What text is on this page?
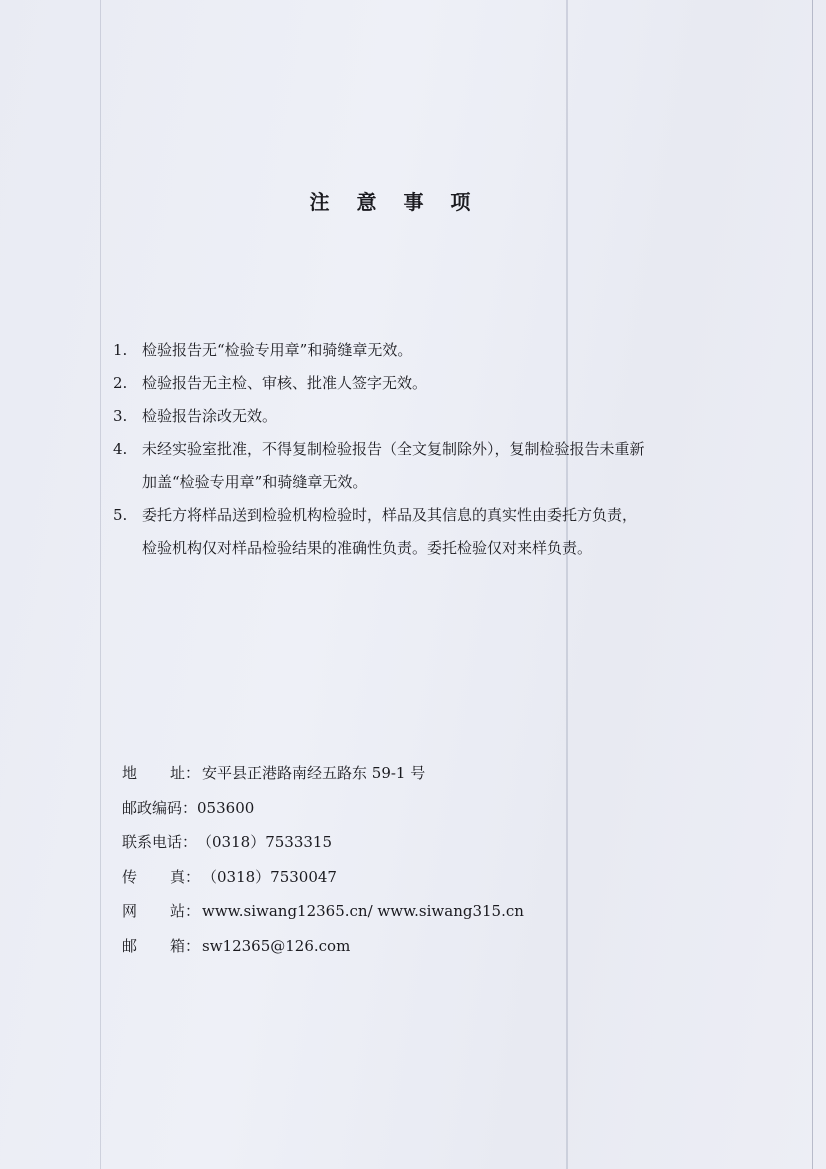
注 意 事 项
1. 检验报告无“检验专用章”和骑缝章无效。
2. 检验报告无主检、审核、批准人签字无效。
3. 检验报告涂改无效。
4. 未经实验室批准，不得复制检验报告（全文复制除外），复制检验报告未重新
加盖“检验专用章”和骑缝章无效。
5. 委托方将样品送到检验机构检验时，样品及其信息的真实性由委托方负责，
检验机构仅对样品检验结果的准确性负责。委托检验仅对来样负责。
地 址： 安平县正港路南经五路东 59-1 号
邮政编码： 053600
联系电话： （0318）7533315
传 真： （0318）7530047
网 站： www.siwang12365.cn/ www.siwang315.cn
邮 箱： sw12365@126.com
